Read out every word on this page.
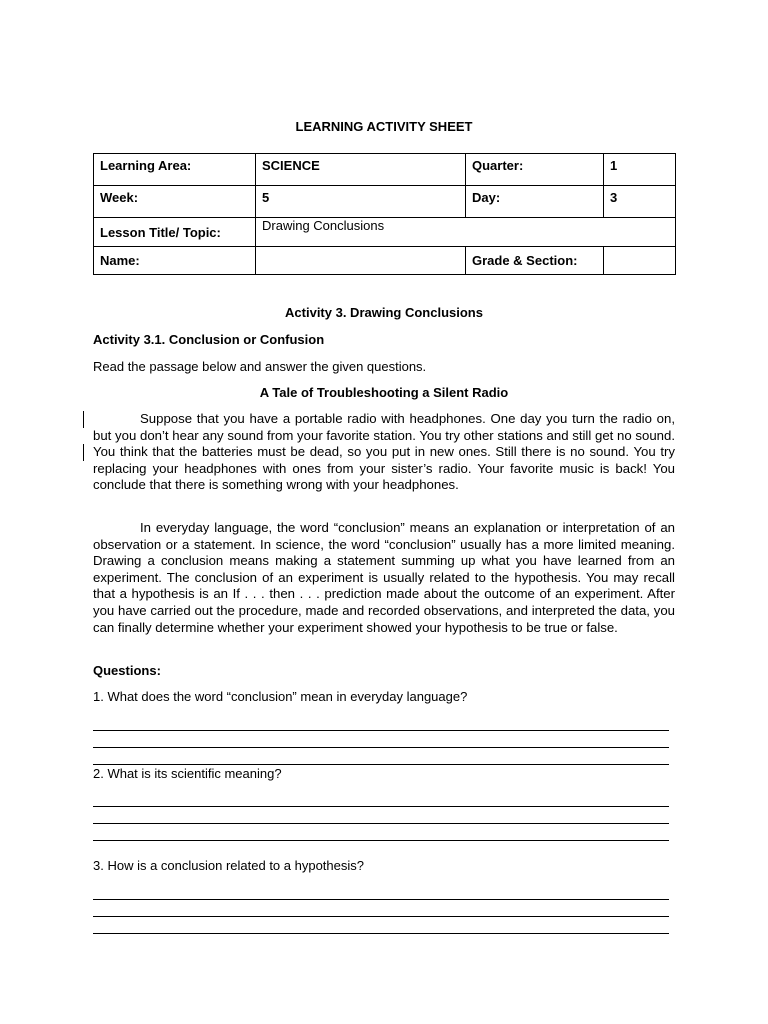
LEARNING ACTIVITY SHEET
Learning Area:	SCIENCE	Quarter:	1
Week:	5	Day:	3
Lesson Title/ Topic:	Drawing Conclusions		
Name:		Grade & Section:	
Activity 3. Drawing Conclusions
Activity 3.1. Conclusion or Confusion
Read the passage below and answer the given questions.
A Tale of Troubleshooting a Silent Radio
Suppose that you have a portable radio with headphones. One day you turn the radio on, but you don’t hear any sound from your favorite station. You try other stations and still get no sound. You think that the batteries must be dead, so you put in new ones. Still there is no sound. You try replacing your headphones with ones from your sister’s radio. Your favorite music is back! You conclude that there is something wrong with your headphones.
In everyday language, the word “conclusion” means an explanation or interpretation of an observation or a statement. In science, the word “conclusion” usually has a more limited meaning. Drawing a conclusion means making a statement summing up what you have learned from an experiment. The conclusion of an experiment is usually related to the hypothesis. You may recall that a hypothesis is an If . . . then . . . prediction made about the outcome of an experiment. After you have carried out the procedure, made and recorded observations, and interpreted the data, you can finally determine whether your experiment showed your hypothesis to be true or false.
Questions:
1. What does the word “conclusion” mean in everyday language?
2. What is its scientific meaning?
3. How is a conclusion related to a hypothesis?
